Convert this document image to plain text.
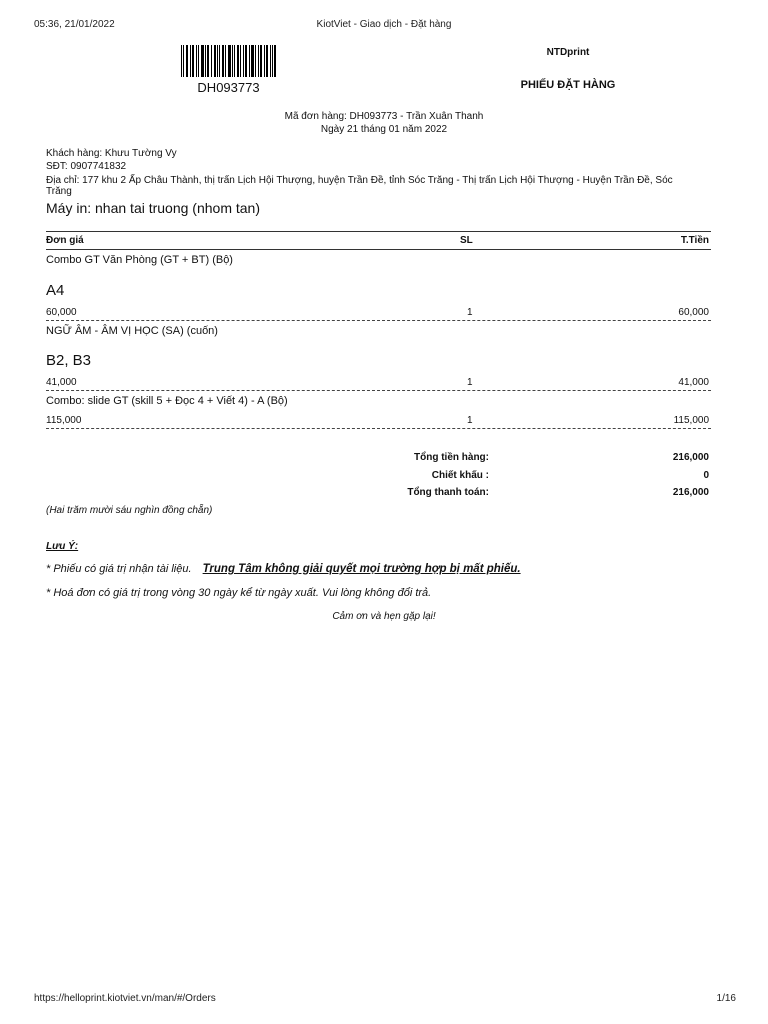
05:36, 21/01/2022	KiotViet - Giao dịch - Đặt hàng
DH093773
NTDprint
PHIẾU ĐẶT HÀNG
Mã đơn hàng: DH093773 - Trần Xuân Thanh
Ngày 21 tháng 01 năm 2022
Khách hàng: Khưu Tường Vy
SĐT: 0907741832
Địa chỉ: 177 khu 2 Ấp Châu Thành, thị trấn Lịch Hội Thượng, huyện Trần Đề, tỉnh Sóc Trăng - Thị trấn Lịch Hội Thượng - Huyện Trần Đề, Sóc
Trăng
Máy in: nhan tai truong (nhom tan)
Đơn giá	SL	T.Tiền
Combo GT Văn Phòng (GT + BT) (Bộ)
A4
60,000	1	60,000
NGỮ ÂM - ÂM VỊ HỌC (SA) (cuốn)
B2, B3
41,000	1	41,000
Combo: slide GT (skill 5 + Đọc 4 + Viết 4) - A (Bộ)
115,000	1	115,000
Tổng tiền hàng:	216,000
Chiết khấu :	0
Tổng thanh toán:	216,000
(Hai trăm mười sáu nghìn đồng chẵn)
Lưu Ý:
* Phiếu có giá trị nhận tài liệu. Trung Tâm không giải quyết mọi trường hợp bị mất phiếu.
* Hoá đơn có giá trị trong vòng 30 ngày kể từ ngày xuất. Vui lòng không đổi trả.
Cảm ơn và hẹn gặp lại!
https://helloprint.kiotviet.vn/man/#/Orders	1/16
